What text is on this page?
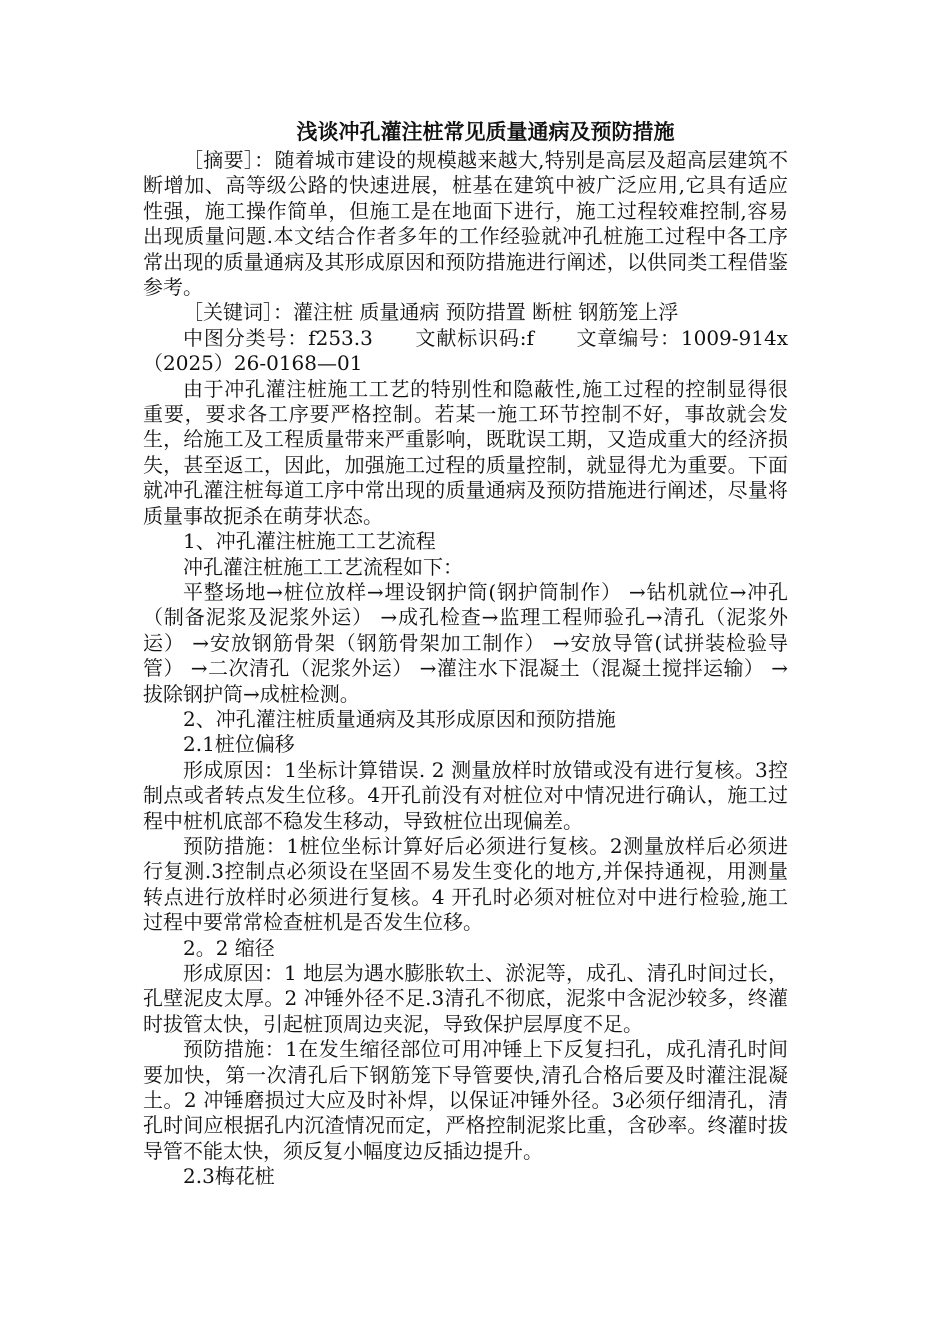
浅谈冲孔灌注桩常见质量通病及预防措施

［摘要］：随着城市建设的规模越来越大,特别是高层及超高层建筑不断增加、高等级公路的快速进展，桩基在建筑中被广泛应用,它具有适应性强，施工操作简单，但施工是在地面下进行，施工过程较难控制,容易出现质量问题.本文结合作者多年的工作经验就冲孔桩施工过程中各工序常出现的质量通病及其形成原因和预防措施进行阐述，以供同类工程借鉴参考。

［关键词］：灌注桩 质量通病 预防措置 断桩 钢筋笼上浮

中图分类号：f253.3　　文献标识码:f　　文章编号：1009-914x（2025）26-0168—01

由于冲孔灌注桩施工工艺的特别性和隐蔽性,施工过程的控制显得很重要，要求各工序要严格控制。若某一施工环节控制不好，事故就会发生，给施工及工程质量带来严重影响，既耽误工期，又造成重大的经济损失，甚至返工，因此，加强施工过程的质量控制，就显得尤为重要。下面就冲孔灌注桩每道工序中常出现的质量通病及预防措施进行阐述，尽量将质量事故扼杀在萌芽状态。

1、冲孔灌注桩施工工艺流程

冲孔灌注桩施工工艺流程如下：

平整场地→桩位放样→埋设钢护筒(钢护筒制作） →钻机就位→冲孔（制备泥浆及泥浆外运） →成孔检查→监理工程师验孔→清孔（泥浆外运） →安放钢筋骨架（钢筋骨架加工制作） →安放导管(试拼装检验导管） →二次清孔（泥浆外运） →灌注水下混凝土（混凝土搅拌运输） →拔除钢护筒→成桩检测。

2、冲孔灌注桩质量通病及其形成原因和预防措施

2.1桩位偏移

形成原因：1坐标计算错误. 2 测量放样时放错或没有进行复核。3控制点或者转点发生位移。4开孔前没有对桩位对中情况进行确认，施工过程中桩机底部不稳发生移动，导致桩位出现偏差。

预防措施：1桩位坐标计算好后必须进行复核。2测量放样后必须进行复测.3控制点必须设在坚固不易发生变化的地方,并保持通视，用测量转点进行放样时必须进行复核。4 开孔时必须对桩位对中进行检验,施工过程中要常常检查桩机是否发生位移。

2。2 缩径

形成原因：1 地层为遇水膨胀软土、淤泥等，成孔、清孔时间过长，孔壁泥皮太厚。2 冲锤外径不足.3清孔不彻底，泥浆中含泥沙较多，终灌时拔管太快，引起桩顶周边夹泥，导致保护层厚度不足。

预防措施：1在发生缩径部位可用冲锤上下反复扫孔，成孔清孔时间要加快，第一次清孔后下钢筋笼下导管要快,清孔合格后要及时灌注混凝土。2 冲锤磨损过大应及时补焊，以保证冲锤外径。3必须仔细清孔，清孔时间应根据孔内沉渣情况而定，严格控制泥浆比重，含砂率。终灌时拔导管不能太快，须反复小幅度边反插边提升。

2.3梅花桩
